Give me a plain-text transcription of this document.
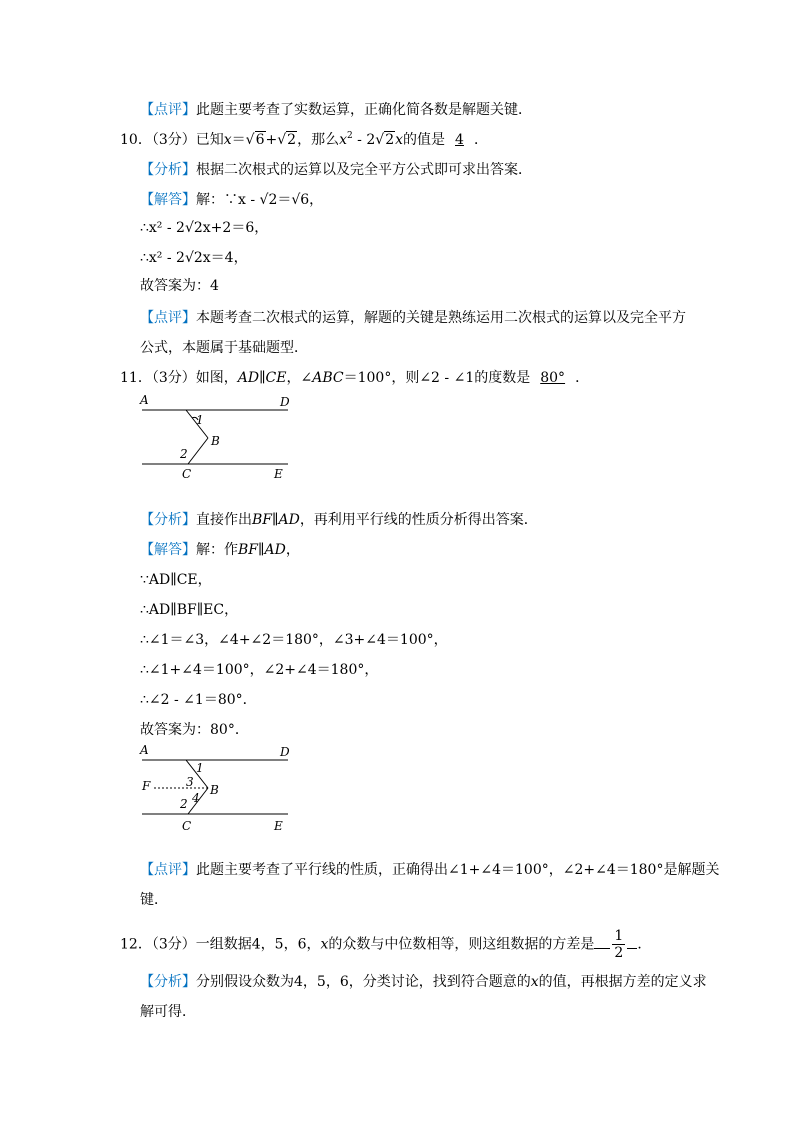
【点评】此题主要考查了实数运算，正确化简各数是解题关键．
10．（3分）已知x＝√6+√2，那么$x^2 - 2√2x$的值是 4 ．
【分析】根据二次根式的运算以及完全平方公式即可求出答案．
【解答】解：∵x - √2＝√6，
∴x² - 2√2x+2＝6，
∴x² - 2√2x＝4，
故答案为：4
【点评】本题考查二次根式的运算，解题的关键是熟练运用二次根式的运算以及完全平方
公式，本题属于基础题型．
11．（3分）如图，AD∥CE，∠ABC＝100°，则∠2 - ∠1的度数是 80° ．
A	D
1
B
2
C	E
【分析】直接作出BF∥AD，再利用平行线的性质分析得出答案．
【解答】解：作BF∥AD，
∵AD∥CE，
∴AD∥BF∥EC，
∴∠1＝∠3，∠4+∠2＝180°，∠3+∠4＝100°，
∴∠1+∠4＝100°，∠2+∠4＝180°，
∴∠2 - ∠1＝80°．
故答案为：80°．
A	D
1
F	3
B
2 4
C	E
【点评】此题主要考查了平行线的性质，正确得出∠1+∠4＝100°，∠2+∠4＝180°是解题关
键．
12．（3分）一组数据4，5，6，x的众数与中位数相等，则这组数据的方差是 $\frac{1}{2}$ ．
【分析】分别假设众数为4，5，6，分类讨论，找到符合题意的x的值，再根据方差的定义求
解可得．
